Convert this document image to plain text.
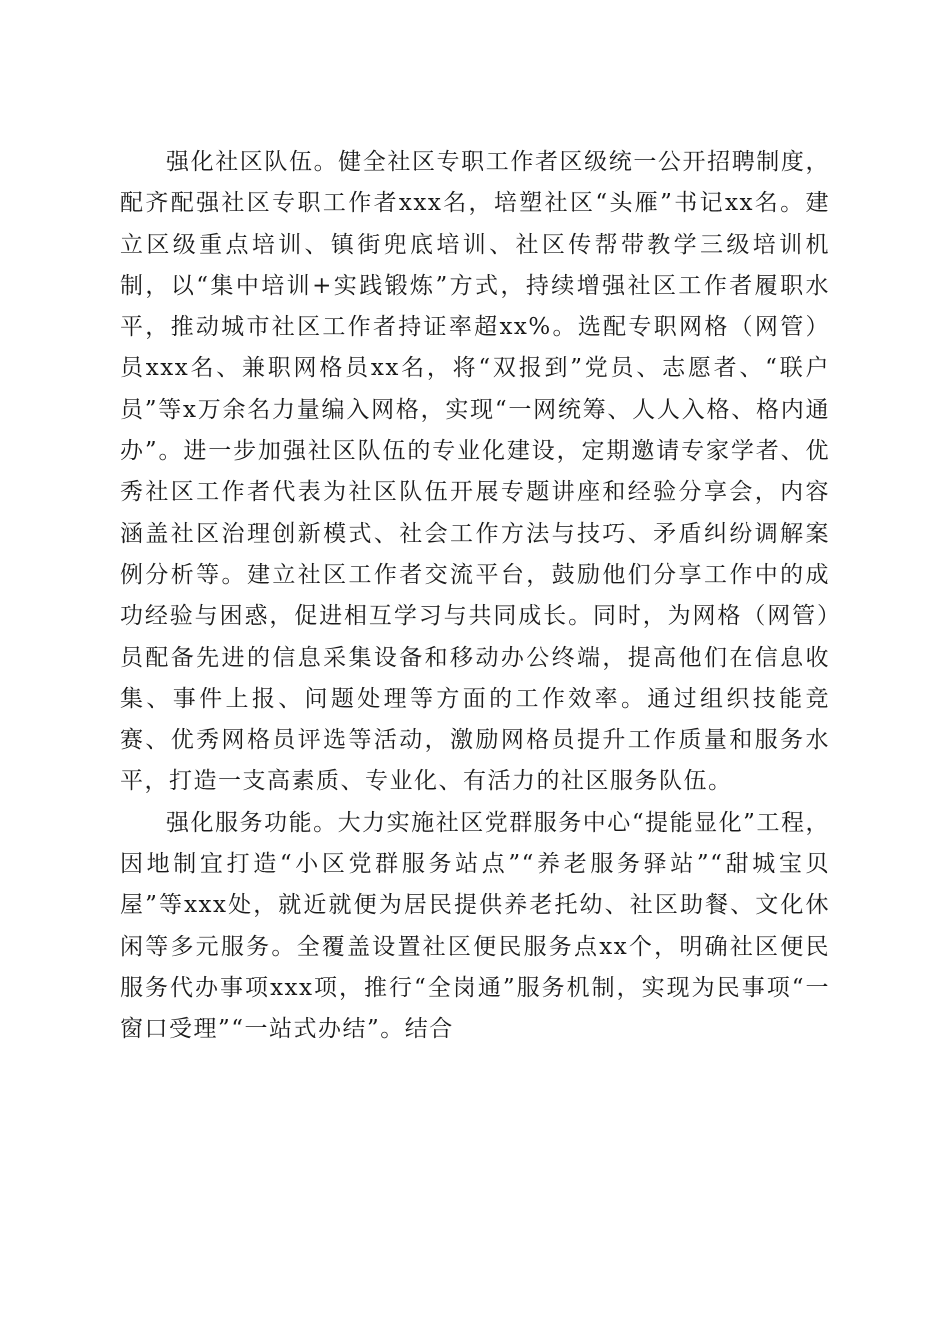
强化社区队伍。健全社区专职工作者区级统一公开招聘制度，配齐配强社区专职工作者xxx名，培塑社区“头雁”书记xx名。建立区级重点培训、镇街兜底培训、社区传帮带教学三级培训机制，以“集中培训+实践锻炼”方式，持续增强社区工作者履职水平，推动城市社区工作者持证率超xx%。选配专职网格（网管）员xxx名、兼职网格员xx名，将“双报到”党员、志愿者、“联户员”等x万余名力量编入网格，实现“一网统筹、人人入格、格内通办”。进一步加强社区队伍的专业化建设，定期邀请专家学者、优秀社区工作者代表为社区队伍开展专题讲座和经验分享会，内容涵盖社区治理创新模式、社会工作方法与技巧、矛盾纠纷调解案例分析等。建立社区工作者交流平台，鼓励他们分享工作中的成功经验与困惑，促进相互学习与共同成长。同时，为网格（网管）员配备先进的信息采集设备和移动办公终端，提高他们在信息收集、事件上报、问题处理等方面的工作效率。通过组织技能竞赛、优秀网格员评选等活动，激励网格员提升工作质量和服务水平，打造一支高素质、专业化、有活力的社区服务队伍。

强化服务功能。大力实施社区党群服务中心“提能显化”工程，因地制宜打造“小区党群服务站点”“养老服务驿站”“甜城宝贝屋”等xxx处，就近就便为居民提供养老托幼、社区助餐、文化休闲等多元服务。全覆盖设置社区便民服务点xx个，明确社区便民服务代办事项xxx项，推行“全岗通”服务机制，实现为民事项“一窗口受理”“一站式办结”。结合
